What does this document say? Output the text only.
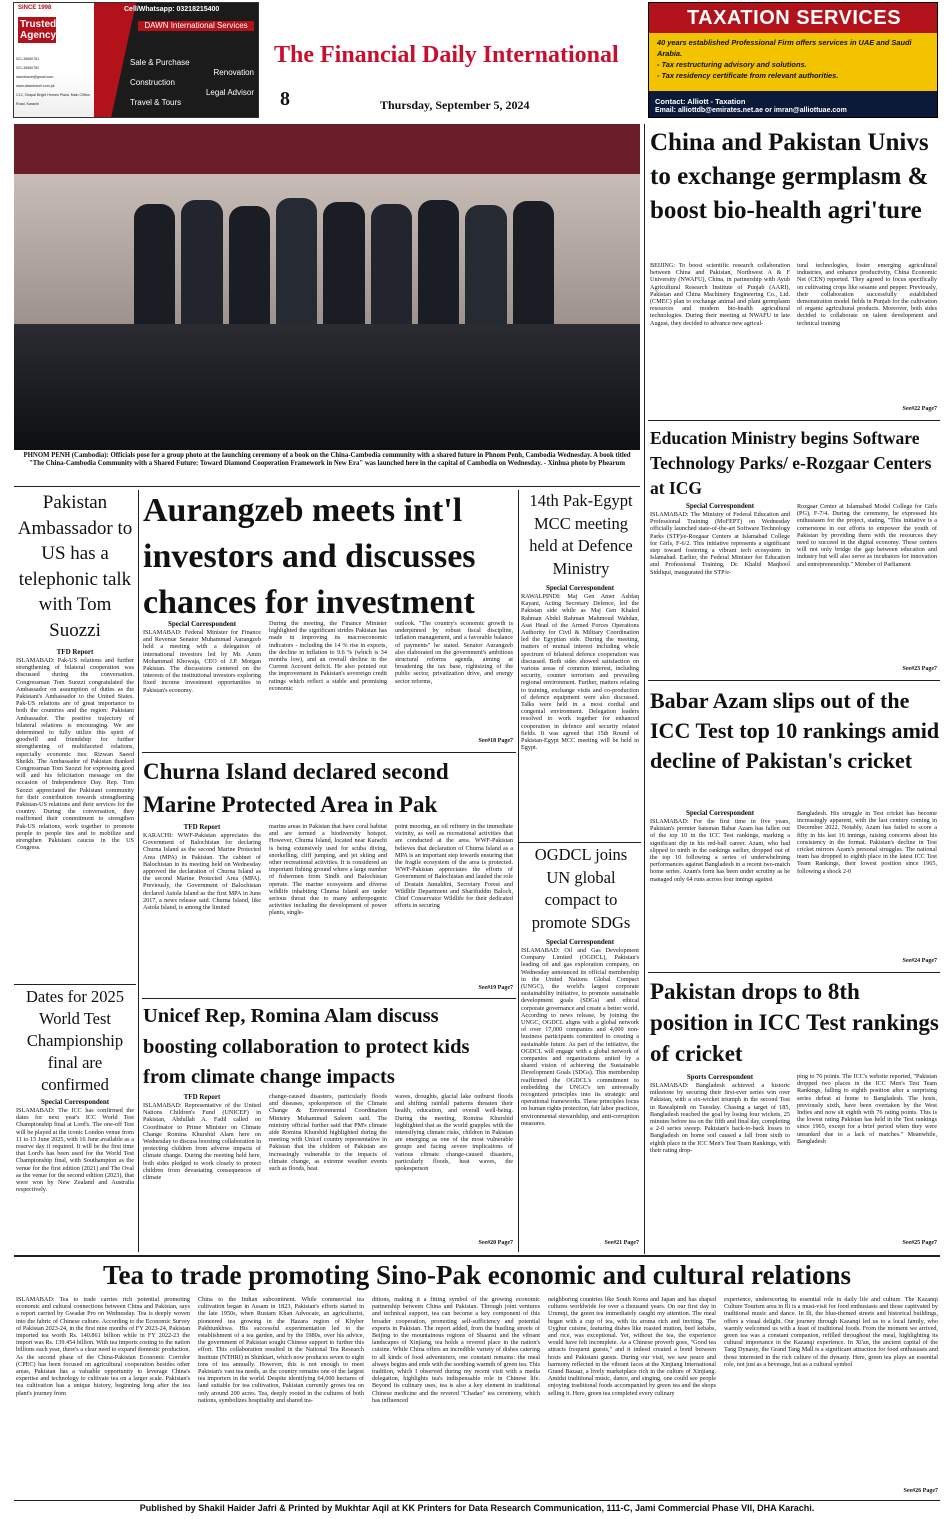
SINCE 1998
Trusted Agency
021-35660781
021-35660782
dawntravel@gmail.com
www.dawntravel.com.pk
C12, Chapal Bright Homes Plaza, Main Clifton Road, Karachi
Cell/Whatsapp: 03218215400
DAWN International Services
Sale & Purchase
Renovation
Construction
Legal Advisor
Travel & Tours
The Financial Daily International
8	Thursday, September 5, 2024
TAXATION SERVICES
40 years established Professional Firm offers services in UAE and Saudi Arabia.
- Tax restructuring advisory and solutions.
- Tax residency certificate from relevant authorities.
Contact: Alliott - Taxation
Email: alliottdb@emirates.net.ae or imran@alliottuae.com
PHNOM PENH (Cambodia): Officials pose for a group photo at the launching ceremony of a book on the China-Cambodia community with a shared future in Phnom Penh, Cambodia Wednesday. A book titled "The China-Cambodia Community with a Shared Future: Toward Diamond Cooperation Framework in New Era" was launched here in the capital of Cambodia on Wednesday. - Xinhua photo by Phearum
China and Pakistan Univs to exchange germplasm & boost bio-health agri'ture
BEIJING: To boost scientific research collaboration between China and Pakistan, Northwest A & F University (NWAFU), China, in partnership with Ayub Agricultural Research Institute of Punjab (AARI), Pakistan and China Machinery Engineering Co., Ltd. (CMEC) plan to exchange animal and plant germplasm resources and modern bio-health agricultural technologies. During their meeting at NWAFU in late August, they decided to advance new agricul-
tural technologies, foster emerging agricultural industries, and enhance productivity, China Economic Net (CEN) reported. They agreed to focus specifically on cultivating crops like sesame and pepper. Previously, their collaboration successfully established demonstration model fields in Punjab for the cultivation of organic agricultural products. Moreover, both sides decided to collaborate on talent development and technical training
See#22 Page7
Education Ministry begins Software Technology Parks/ e-Rozgaar Centers at ICG
Special Correspondent
ISLAMABAD: The Ministry of Federal Education and Professional Training (MoFEPT) on Wednesday officially launched state-of-the-art Software Technology Parks (STP)/e-Rozgaar Centers at Islamabad College for Girls, F-6/2. This initiative represents a significant step toward fostering a vibrant tech ecosystem in Islamabad. Earlier, the Federal Minister for Education and Professional Training, Dr. Khalid Maqbool Siddiqui, inaugurated the STP/e-
Rozgaar Center at Islamabad Model College for Girls (PG), F-7/4. During the ceremony, he expressed his enthusiasm for the project, stating, "This initiative is a cornerstone in our efforts to empower the youth of Pakistan by providing them with the resources they need to succeed in the digital economy. These centers will not only bridge the gap between education and industry but will also serve as incubators for innovation and entrepreneurship." Member of Parliament
See#23 Page7
Babar Azam slips out of the ICC Test top 10 rankings amid decline of Pakistan's cricket
Special Correspondent
ISLAMABAD: For the first time in five years, Pakistan's premier batsman Babar Azam has fallen out of the top 10 in the ICC Test rankings, marking a significant dip in his red-ball career. Azam, who had slipped to ninth in the rankings earlier, dropped out of the top 10 following a series of underwhelming performances against Bangladesh in a recent two-match home series. Azam's form has been under scrutiny as he managed only 64 runs across four innings against
Bangladesh. His struggle in Test cricket has become increasingly apparent, with the last century coming in December 2022. Notably, Azam has failed to score a fifty in his last 16 innings, raising concerns about his consistency in the format. Pakistan's decline in Test cricket mirrors Azam's personal struggles. The national team has dropped to eighth place in the latest ICC Test Team Rankings, their lowest position since 1965, following a shock 2-0
See#24 Page7
Pakistan drops to 8th position in ICC Test rankings of cricket
Sports Correspondent
ISLAMABAD: Bangladesh achieved a historic milestone by securing their first-ever series win over Pakistan, with a six-wicket triumph in the second Test in Rawalpindi on Tuesday. Chasing a target of 185, Bangladesh reached the goal by losing four wickets, 25 minutes before tea on the fifth and final day, completing a 2-0 series sweep. Pakistan's back-to-back losses to Bangladesh on home soil caused a fall from sixth to eighth place in the ICC Men's Test Team Rankings, with their rating drop-
ping to 76 points. The ICC's website reported, "Pakistan dropped two places in the ICC Men's Test Team Rankings, falling to eighth position after a surprising series defeat at home to Bangladesh. The hosts, previously sixth, have been overtaken by the West Indies and now sit eighth with 76 rating points. This is the lowest rating Pakistan has held in the Test rankings since 1965, except for a brief period when they were unranked due to a lack of matches." Meanwhile, Bangladesh
See#25 Page7
Pakistan Ambassador to US has a telephonic talk with Tom Suozzi
TFD Report
ISLAMABAD: Pak-US relations and further strengthening of bilateral cooperation was discussed during the conversation. Congressman Tom Suozzi congratulated the Ambassador on assumption of duties as the Pakistani's Ambassador to the United States. Pak-US relations are of great importance to both the countries and the region: Pakistani Ambassador. The positive trajectory of bilateral relations is encouraging. We are determined to fully utilize this spirit of goodwill and friendship for further strengthening of multifaceted relations, especially economic ties: Rizwan Saeed Sheikh. The Ambassador of Pakistan thanked Congressman Tom Suozzi for expressing good will and his felicitation message on the occasion of Independence Day. Rep. Tom Suozzi appreciated the Pakistani community for their contribution towards strengthening Pakistan-US relations and their services for the country. During the conversation, they reaffirmed their commitment to strengthen Pak-US relations, work together to promote people to people ties and to mobilize and strengthen Pakistani caucus in the US Congress.
Dates for 2025 World Test Championship final are confirmed
Special Correspondent
ISLAMABAD: The ICC has confirmed the dates for next year's ICC World Test Championship final at Lord's. The one-off Test will be played at the iconic London venue from 11 to 15 June 2025, with 16 June available as a reserve day if required. It will be the first time that Lord's has been used for the World Test Championship final, with Southampton as the venue for the first edition (2021) and The Oval as the venue for the second edition (2023), that were won by New Zealand and Australia respectively.
Aurangzeb meets int'l investors and discusses chances for investment
Special Correspondent
ISLAMABAD: Federal Minister for Finance and Revenue Senator Muhammad Aurangzeb held a meeting with a delegation of international investors led by Mr. Amin Mohammad Khowaja, CEO of J.P. Morgan Pakistan. The discussions centered on the interests of the institutional investors exploring fixed income investment opportunities in Pakistan's economy.
During the meeting, the Finance Minister highlighted the significant strides Pakistan has made in improving its macroeconomic indicators - including the 14 % rise in exports, the decline in inflation to 9.6 % (which is 34 months low), and an overall decline in the Current Account deficit. He also pointed out the improvement in Pakistan's sovereign credit ratings which reflect a stable and promising economic
outlook. "The country's economic growth is underpinned by robust fiscal discipline, inflation management, and a favorable balance of payments" he stated. Senator Aurangzeb also elaborated on the government's ambitious structural reforms agenda, aiming at broadening the tax base, rightsizing of the public sector, privatization drive, and energy sector reforms,
See#18 Page7
Churna Island declared second Marine Protected Area in Pak
TFD Report
KARACHI: WWF-Pakistan appreciates the Government of Balochistan for declaring Churna Island as the second Marine Protected Area (MPA) in Pakistan. The cabinet of Balochistan in its meeting held on Wednesday approved the declaration of Churna Island as the second Marine Protected Area (MPA). Previously, the Government of Balochistan declared Astola Island as the first MPA in June 2017, a news release said. Churna Island, like Astola Island, is among the limited
marine areas in Pakistan that have coral habitat and are termed a biodiversity hotspot. However, Churna Island, located near Karachi is being extensively used for scuba diving, snorkelling, cliff jumping, and jet skiing and other recreational activities. It is considered an important fishing ground where a large number of fishermen from Sindh and Balochistan operate. The marine ecosystem and diverse wildlife inhabiting Churna Island are under serious threat due to many anthropogenic activities including the development of power plants, single-
point mooring, an oil refinery in the immediate vicinity, as well as recreational activities that are conducted at the area. WWF-Pakistan believes that declaration of Churna Island as a MPA is an important step towards ensuring that the fragile ecosystem of the area is protected. WWF-Pakistan appreciates the efforts of Government of Balochistan and lauded the role of Dostain Jamaldini, Secretary Forest and Wildlife Department and Sharifuddin Baloch, Chief Conservator Wildlife for their dedicated efforts in securing
See#19 Page7
Unicef Rep, Romina Alam discuss boosting collaboration to protect kids from climate change impacts
TFD Report
ISLAMABAD: Representative of the United Nations Children's Fund (UNICEF) in Pakistan, Abdullah A. Fadil called on Coordinator to Prime Minister on Climate Change Romina Khurshid Alam here on Wednesday to discuss boosting collaboration in protecting children from adverse impacts of climate change. During the meeting held here, both sides pledged to work closely to protect children from devastating consequences of climate
change-caused disasters, particularly floods and diseases, spokesperson of the Climate Change & Environmental Coordination Ministry Muhammad Saleem said. The ministry official further said that PM's climate aide Romina Khurshid highlighted during the meeting with Unicef country representative in Pakistan that the children of Pakistan are increasingly vulnerable to the impacts of climate change, as extreme weather events such as floods, heat
waves, droughts, glacial lake outburst floods and shifting rainfall patterns threaten their health, education, and overall well-being. During the meeting, Romina Khurshid highlighted that as the world grapples with the intensifying climate risks, children in Pakistan are emerging as one of the most vulnerable groups and facing severe implications of various climate change-caused disasters, particularly floods, heat waves, the spokesperson
See#20 Page7
14th Pak-Egypt MCC meeting held at Defence Ministry
Special Correspondent
RAWALPINDI: Maj Gen Amer Ashfaq Kayani, Acting Secretary Defence, led the Pakistan side while as Maj Gen Khaled Rahman Abdel Rahman Mahmoud Wahdan, Asst Head of the Armed Forces Operations Authority for Civil & Military Coordination led the Egyptian side. During the meeting, matters of mutual interest including whole spectrum of bilateral defence cooperation was discussed. Both sides showed satisfaction on various areas of common interest, including security, counter terrorism and prevailing regional environment. Further, matters relating to training, exchange visits and co-production of defence equipment were also discussed. Talks were held in a most cordial and congenial environment. Delegation leaders resolved to work together for enhanced cooperation in defence and security related fields. It was agreed that 15th Round of Pakistan-Egypt MCC meeting will be held in Egypt.
OGDCL joins UN global compact to promote SDGs
Special Correspondent
ISLAMABAD: Oil and Gas Development Company Limited (OGDCL), Pakistan's leading oil and gas exploration company, on Wednesday announced its official membership in the United Nations Global Compact (UNGC), the world's largest corporate sustainability initiative, to promote sustainable development goals (SDGs) and ethical corporate governance and create a better world. According to news release, by joining the UNGC, OGDCL aligns with a global network of over 17,000 companies and 4,000 non-business participants committed to creating a sustainable future. As part of the initiative, the OGDCL will engage with a global network of companies and organizations united by a shared vision of achieving the Sustainable Development Goals (SDGs). This membership reaffirmed the OGDCL's commitment to embedding the UNGC's ten universally recognized principles into its strategic and operational frameworks. These principles focus on human rights protection, fair labor practices, environmental stewardship, and anti-corruption measures.
See#21 Page7
Tea to trade promoting Sino-Pak economic and cultural relations
ISLAMABAD: Tea to trade carries rich potential promoting economic and cultural connections between China and Pakistan, says a report carried by Gwadar Pro on Wednesday. Tea is deeply woven into the fabric of Chinese culture. According to the Economic Survey of Pakistan 2023-24, in the first nine months of FY 2023-24, Pakistan imported tea worth Rs. 140.861 billion while in FY 2022-23 the import was Rs. 139.454 billion. With tea imports costing to the nation billions each year, there's a clear need to expand domestic production. As the second phase of the China-Pakistan Economic Corridor (CPEC) has been focused on agricultural cooperation besides other areas, Pakistan has a valuable opportunity to leverage China's expertise and technology to cultivate tea on a larger scale. Pakistan's tea cultivation has a unique history, beginning long after the tea plant's journey from
China to the Indian subcontinent. While commercial tea cultivation began in Assam in 1823, Pakistan's efforts started in the late 1950s, when Rustam Khan Advocate, an agriculturist, pioneered tea growing in the Hazara region of Khyber Pakhtunkhwa. His successful experimentation led to the establishment of a tea garden, and by the 1980s, over his advice, the government of Pakistan sought Chinese support to further this effort. This collaboration resulted in the National Tea Research Institute (NTHRI) in Shinkiari, which now produces seven to eight tons of tea annually. However, this is not enough to meet Pakistan's vast tea needs, as the country remains one of the largest tea importers in the world. Despite identifying 64,000 hectares of land suitable for tea cultivation, Pakistan currently grows tea on only around 200 acres. Tea, deeply rooted in the cultures of both nations, symbolizes hospitality and shared tra-
ditions, making it a fitting symbol of the growing economic partnership between China and Pakistan. Through joint ventures and technical support, tea can become a key component of this broader cooperation, promoting self-sufficiency and potential exports in Pakistan. The report added, from the bustling streets of Beijing to the mountainous regions of Shaanxi and the vibrant landscapes of Xinjiang, tea holds a revered place in the nation's cuisine. While China offers an incredible variety of dishes catering to all kinds of food adventurers, one constant remains: the meal always begins and ends with the soothing warmth of green tea. This tradition, which I observed during my recent visit with a media delegation, highlights tea's indispensable role in Chinese life. Beyond its culinary uses, tea is also a key element in traditional Chinese medicine and the revered "Chadao" tea ceremony, which has influenced
neighboring countries like South Korea and Japan and has shaped cultures worldwide for over a thousand years. On our first day in Urumqi, the green tea immediately caught my attention. The meal began with a cup of tea, with its aroma rich and inviting. The Uyghur cuisine, featuring dishes like roasted mutton, beef kebabs, and rice, was exceptional. Yet, without the tea, the experience would have felt incomplete. As a Chinese proverb goes, "Good tea attracts frequent guests," and it indeed created a bond between hosts and Pakistani guests. During our visit, we saw peace and harmony reflected in the vibrant faces at the Xinjiang International Grand Bazaar, a lively marketplace rich in the culture of Xinjiang. Amidst traditional music, dance, and singing, one could see people enjoying traditional foods accompanied by green tea and the shops selling it. Here, green tea completed every culinary
experience, underscoring its essential role in daily life and culture. The Kazanqi Culture Tourism area in Ili is a must-visit for food enthusiasts and those captivated by traditional music and dance. In Ili, the blue-themed streets and historical buildings, offers a visual delight. Our journey through Kazanqi led us to a local family, who warmly welcomed us with a feast of traditional foods. From the moment we arrived, green tea was a constant companion, refilled throughout the meal, highlighting its cultural importance in the Kazanqi experience. In Xi'an, the ancient capital of the Tang Dynasty, the Grand Tang Mall is a significant attraction for food enthusiasts and those interested in the rich culture of the dynasty. Here, green tea plays an essential role, not just as a beverage, but as a cultural symbol
See#26 Page7
Published by Shakil Haider Jafri & Printed by Mukhtar Aqil at KK Printers for Data Research Communication, 111-C, Jami Commercial Phase VII, DHA Karachi.
